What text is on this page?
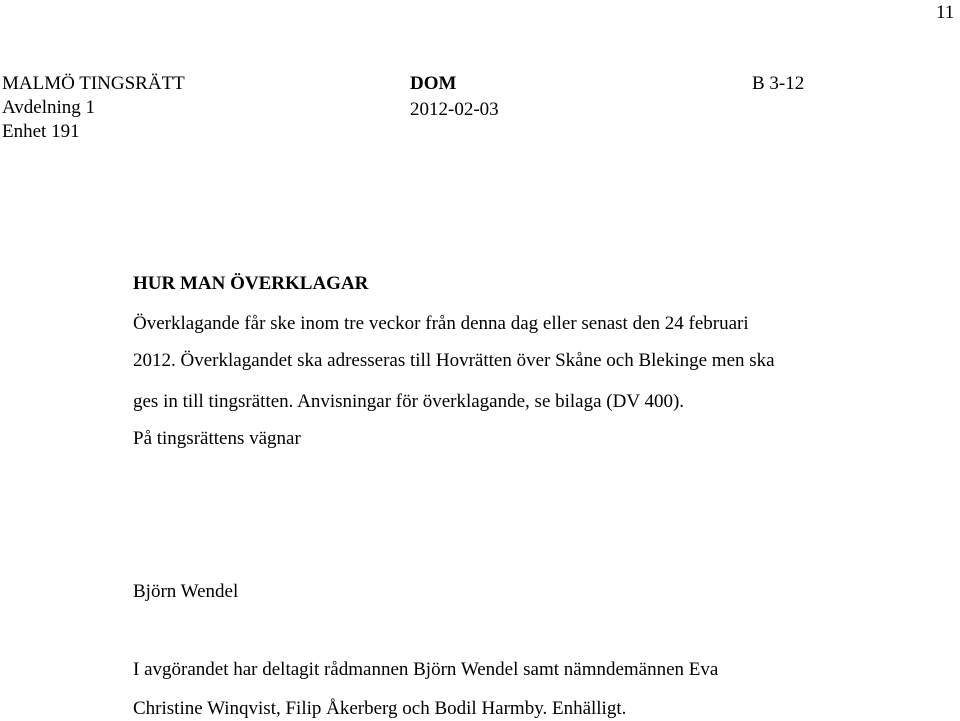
11
MALMÖ TINGSRÄTT
Avdelning 1
Enhet 191
DOM
2012-02-03
B 3-12
HUR MAN ÖVERKLAGAR
Överklagande får ske inom tre veckor från denna dag eller senast den 24 februari
2012. Överklagandet ska adresseras till Hovrätten över Skåne och Blekinge men ska
ges in till tingsrätten. Anvisningar för överklagande, se bilaga (DV 400).
På tingsrättens vägnar
Björn Wendel
I avgörandet har deltagit rådmannen Björn Wendel samt nämndemännen Eva
Christine Winqvist, Filip Åkerberg och Bodil Harmby. Enhälligt.
